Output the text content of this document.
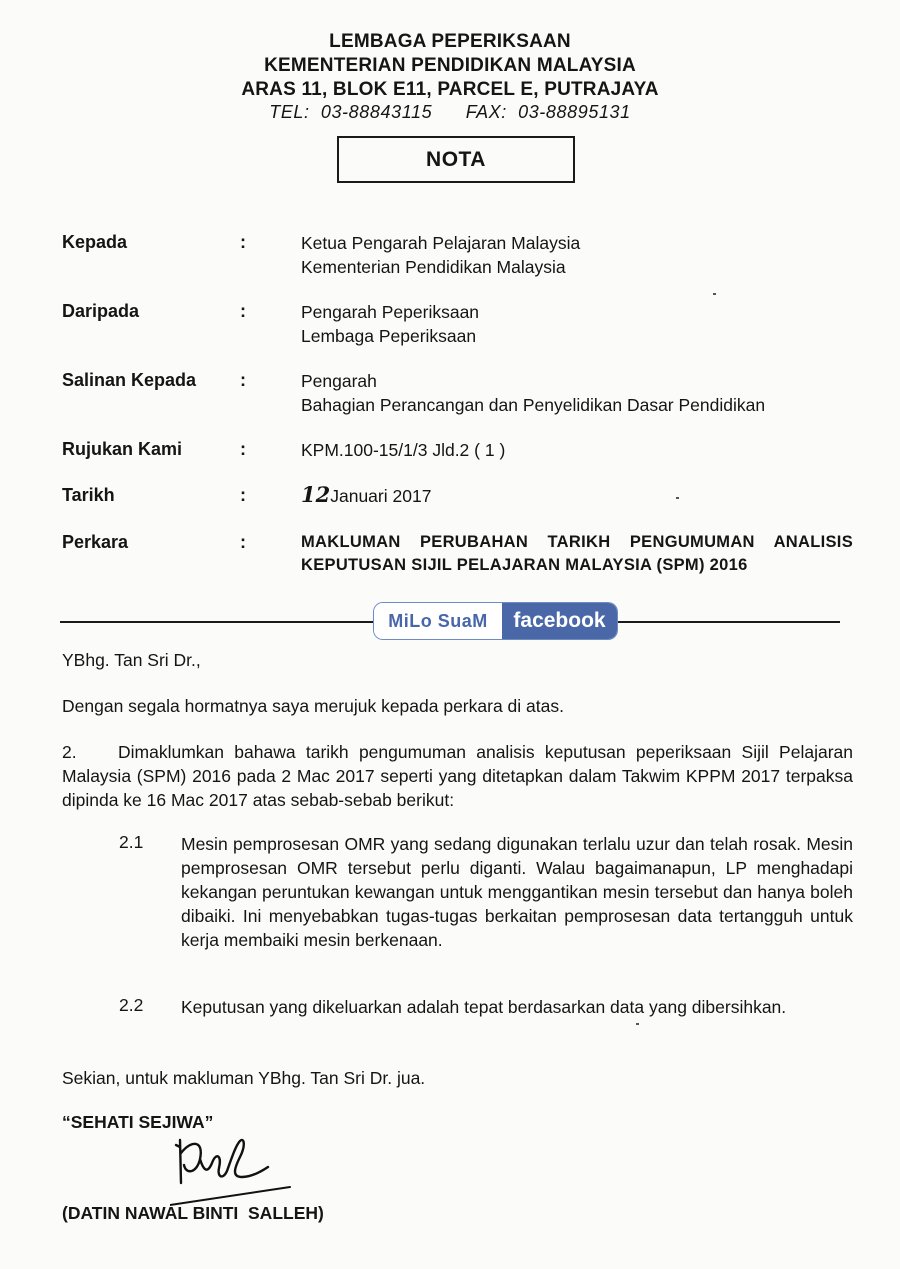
LEMBAGA PEPERIKSAAN
KEMENTERIAN PENDIDIKAN MALAYSIA
ARAS 11, BLOK E11, PARCEL E, PUTRAJAYA
TEL:  03-88843115      FAX:  03-88895131
NOTA
Kepada	:	Ketua Pengarah Pelajaran Malaysia
Kementerian Pendidikan Malaysia
Daripada	:	Pengarah Peperiksaan
Lembaga Peperiksaan
Salinan Kepada :	Pengarah
Bahagian Perancangan dan Penyelidikan Dasar Pendidikan
Rujukan Kami	:	KPM.100-15/1/3 Jld.2 ( 1 )
Tarikh	:	12Januari 2017
Perkara	:	MAKLUMAN PERUBAHAN TARIKH PENGUMUMAN ANALISIS KEPUTUSAN SIJIL PELAJARAN MALAYSIA (SPM) 2016
MiLo SuaM	facebook
YBhg. Tan Sri Dr.,
Dengan segala hormatnya saya merujuk kepada perkara di atas.
2. Dimaklumkan bahawa tarikh pengumuman analisis keputusan peperiksaan Sijil Pelajaran Malaysia (SPM) 2016 pada 2 Mac 2017 seperti yang ditetapkan dalam Takwim KPPM 2017 terpaksa dipinda ke 16 Mac 2017 atas sebab-sebab berikut:
2.1 Mesin pemprosesan OMR yang sedang digunakan terlalu uzur dan telah rosak. Mesin pemprosesan OMR tersebut perlu diganti. Walau bagaimanapun, LP menghadapi kekangan peruntukan kewangan untuk menggantikan mesin tersebut dan hanya boleh dibaiki. Ini menyebabkan tugas-tugas berkaitan pemprosesan data tertangguh untuk kerja membaiki mesin berkenaan.
2.2 Keputusan yang dikeluarkan adalah tepat berdasarkan data yang dibersihkan.
Sekian, untuk makluman YBhg. Tan Sri Dr. jua.
“SEHATI SEJIWA”
(DATIN NAWAL BINTI  SALLEH)
